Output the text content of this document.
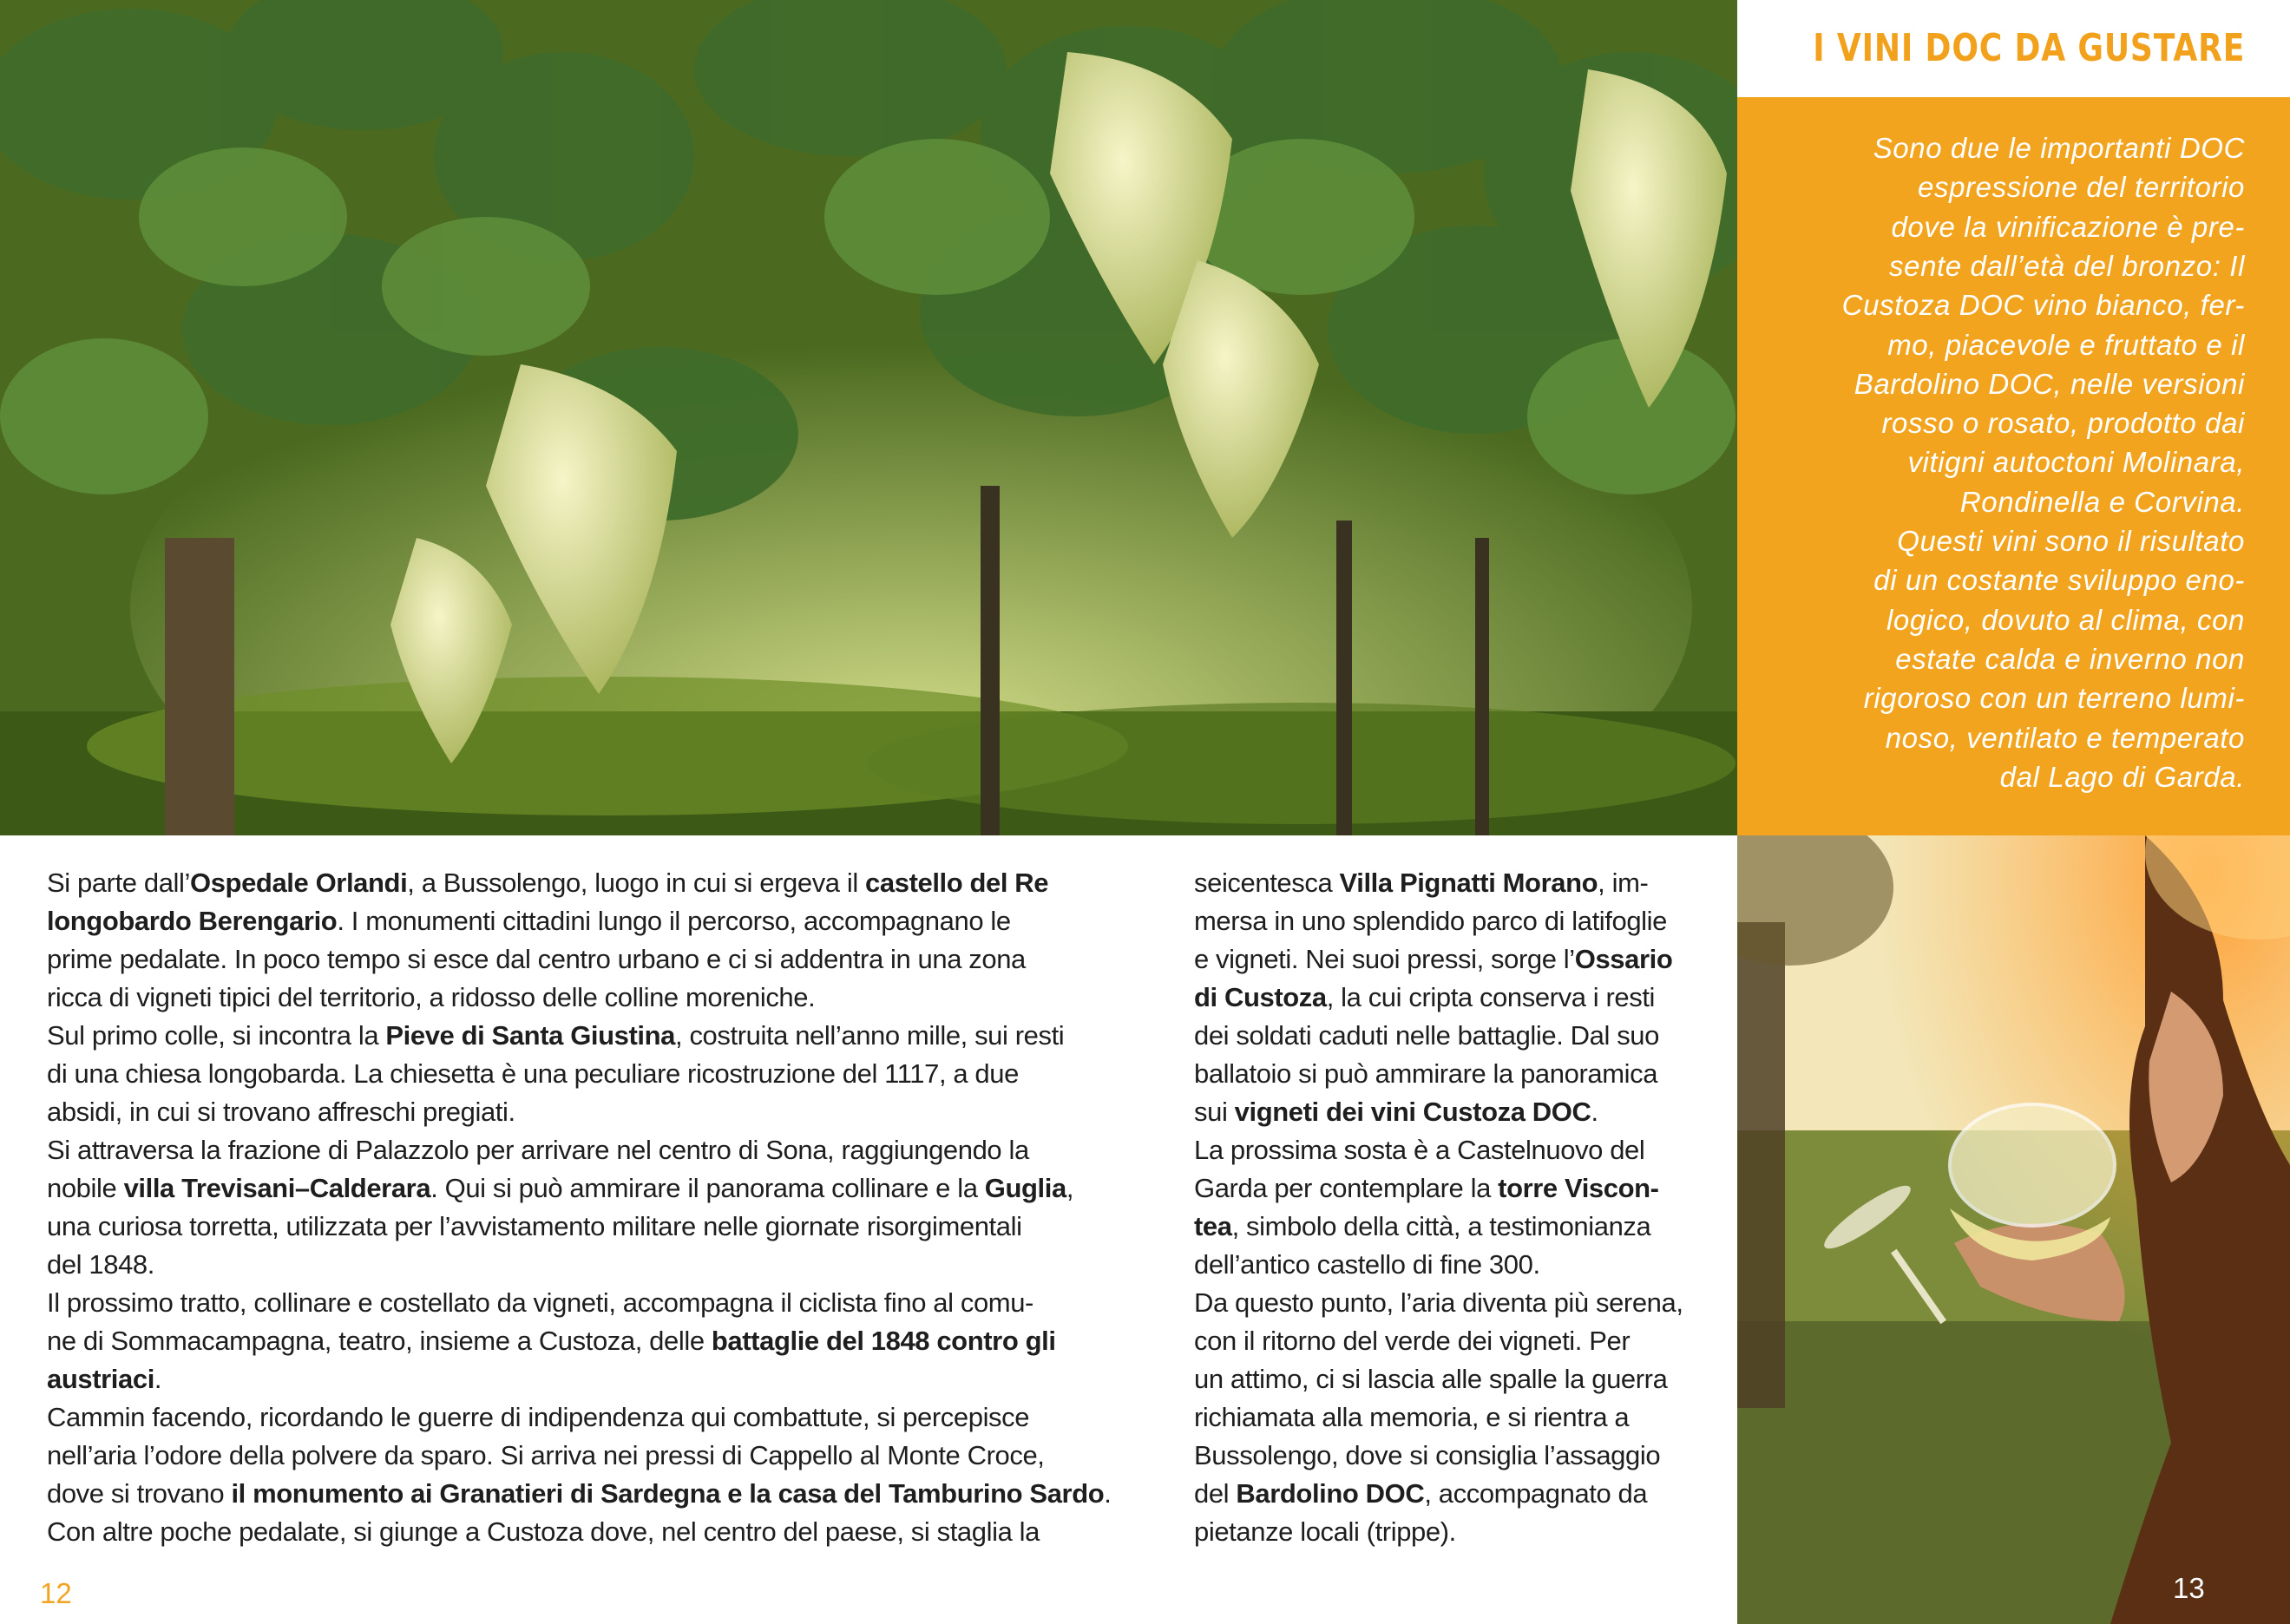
I VINI DOC DA GUSTARE
Sono due le importanti DOC
espressione del territorio
dove la vinificazione è pre-
sente dall’età del bronzo: Il
Custoza DOC vino bianco, fer-
mo, piacevole e fruttato e il
Bardolino DOC, nelle versioni
rosso o rosato, prodotto dai
vitigni autoctoni Molinara,
Rondinella e Corvina.
Questi vini sono il risultato
di un costante sviluppo eno-
logico, dovuto al clima, con
estate calda e inverno non
rigoroso con un terreno lumi-
noso, ventilato e temperato
dal Lago di Garda.
Si parte dall’Ospedale Orlandi, a Bussolengo, luogo in cui si ergeva il castello del Re
longobardo Berengario. I monumenti cittadini lungo il percorso, accompagnano le
prime pedalate. In poco tempo si esce dal centro urbano e ci si addentra in una zona
ricca di vigneti tipici del territorio, a ridosso delle colline moreniche.
Sul primo colle, si incontra la Pieve di Santa Giustina, costruita nell’anno mille, sui resti
di una chiesa longobarda. La chiesetta è una peculiare ricostruzione del 1117, a due
absidi, in cui si trovano affreschi pregiati.
Si attraversa la frazione di Palazzolo per arrivare nel centro di Sona, raggiungendo la
nobile villa Trevisani–Calderara. Qui si può ammirare il panorama collinare e la Guglia,
una curiosa torretta, utilizzata per l’avvistamento militare nelle giornate risorgimentali
del 1848.
Il prossimo tratto, collinare e costellato da vigneti, accompagna il ciclista fino al comu-
ne di Sommacampagna, teatro, insieme a Custoza, delle battaglie del 1848 contro gli
austriaci.
Cammin facendo, ricordando le guerre di indipendenza qui combattute, si percepisce
nell’aria l’odore della polvere da sparo. Si arriva nei pressi di Cappello al Monte Croce,
dove si trovano il monumento ai Granatieri di Sardegna e la casa del Tamburino Sardo.
Con altre poche pedalate, si giunge a Custoza dove, nel centro del paese, si staglia la
seicentesca Villa Pignatti Morano, im-
mersa in uno splendido parco di latifoglie
e vigneti. Nei suoi pressi, sorge l’Ossario
di Custoza, la cui cripta conserva i resti
dei soldati caduti nelle battaglie. Dal suo
ballatoio si può ammirare la panoramica
sui vigneti dei vini Custoza DOC.
La prossima sosta è a Castelnuovo del
Garda per contemplare la torre Viscon-
tea, simbolo della città, a testimonianza
dell’antico castello di fine 300.
Da questo punto, l’aria diventa più serena,
con il ritorno del verde dei vigneti. Per
un attimo, ci si lascia alle spalle la guerra
richiamata alla memoria, e si rientra a
Bussolengo, dove si consiglia l’assaggio
del Bardolino DOC, accompagnato da
pietanze locali (trippe).
12	13
